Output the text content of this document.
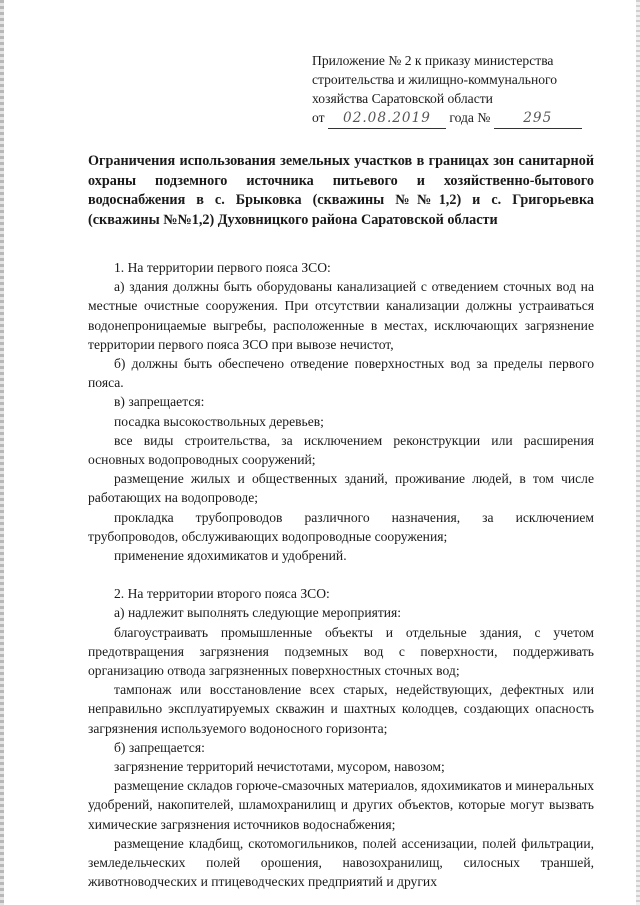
Приложение № 2 к приказу министерства
строительства и жилищно-коммунального
хозяйства Саратовской области
от 02.08.2019 года № 295
Ограничения использования земельных участков в границах зон санитарной охраны подземного источника питьевого и хозяйственно-бытового водоснабжения в с. Брыковка (скважины №№1,2) и с. Григорьевка (скважины №№1,2) Духовницкого района Саратовской области

1. На территории первого пояса ЗСО:

а) здания должны быть оборудованы канализацией с отведением сточных вод на местные очистные сооружения. При отсутствии канализации должны устраиваться водонепроницаемые выгребы, расположенные в местах, исключающих загрязнение территории первого пояса ЗСО при вывозе нечистот,

б) должны быть обеспечено отведение поверхностных вод за пределы первого пояса.

в) запрещается:

посадка высокоствольных деревьев;

все виды строительства, за исключением реконструкции или расширения основных водопроводных сооружений;

размещение жилых и общественных зданий, проживание людей, в том числе работающих на водопроводе;

прокладка трубопроводов различного назначения, за исключением трубопроводов, обслуживающих водопроводные сооружения;

применение ядохимикатов и удобрений.

2. На территории второго пояса ЗСО:

а) надлежит выполнять следующие мероприятия:

благоустраивать промышленные объекты и отдельные здания, с учетом предотвращения загрязнения подземных вод с поверхности, поддерживать организацию отвода загрязненных поверхностных сточных вод;

тампонаж или восстановление всех старых, недействующих, дефектных или неправильно эксплуатируемых скважин и шахтных колодцев, создающих опасность загрязнения используемого водоносного горизонта;

б) запрещается:

загрязнение территорий нечистотами, мусором, навозом;

размещение складов горюче-смазочных материалов, ядохимикатов и минеральных удобрений, накопителей, шламохранилищ и других объектов, которые могут вызвать химические загрязнения источников водоснабжения;

размещение кладбищ, скотомогильников, полей ассенизации, полей фильтрации, земледельческих полей орошения, навозохранилищ, силосных траншей, животноводческих и птицеводческих предприятий и других
